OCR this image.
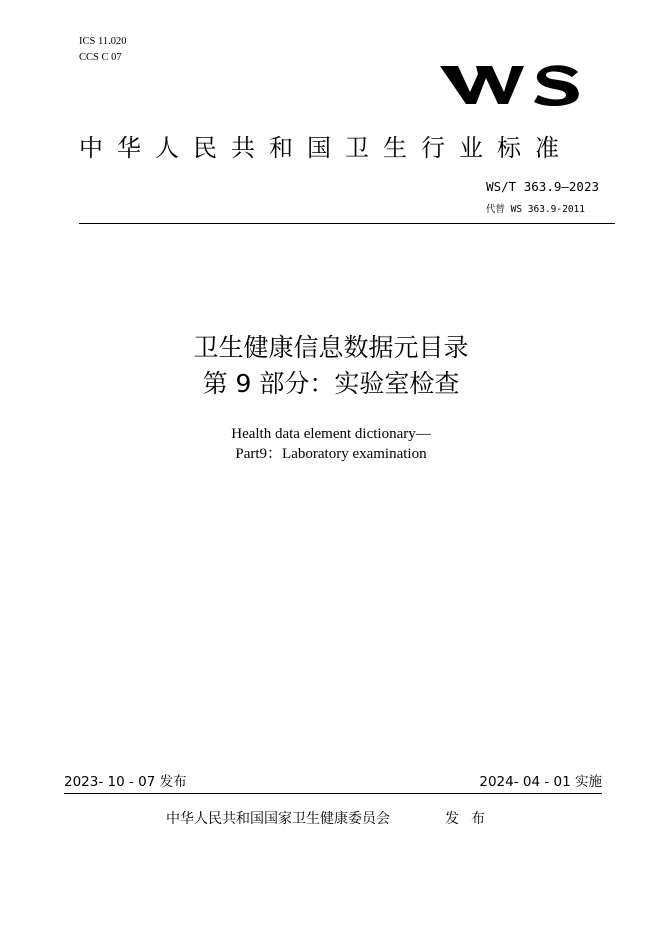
ICS 11.020
CCS C 07
中华人民共和国卫生行业标准
WS/T 363.9—2023
代替 WS 363.9-2011
卫生健康信息数据元目录
第 9 部分：实验室检查
Health data element dictionary—
Part9：Laboratory examination
2023- 10 - 07 发布	2024- 04 - 01 实施
中华人民共和国国家卫生健康委员会	发布
